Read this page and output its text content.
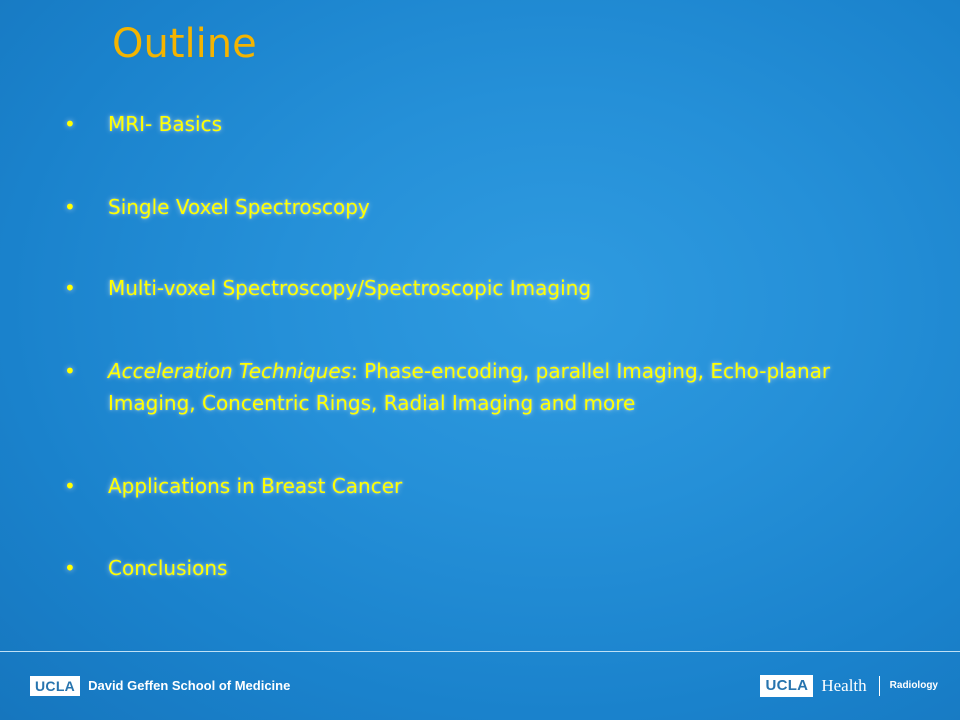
Outline
• MRI- Basics
• Single Voxel Spectroscopy
• Multi-voxel Spectroscopy/Spectroscopic Imaging
• Acceleration Techniques: Phase-encoding, parallel Imaging, Echo-planar Imaging, Concentric Rings, Radial Imaging and more
• Applications in Breast Cancer
• Conclusions
UCLA	David Geffen School of Medicine	UCLA Health Radiology
